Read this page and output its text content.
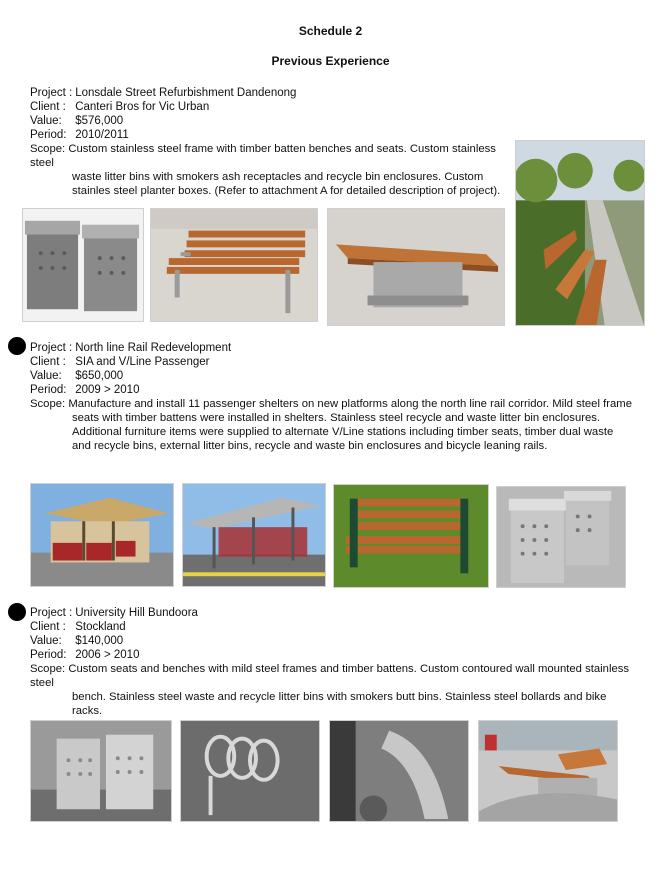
Schedule 2
Previous Experience
Project : Lonsdale Street Refurbishment Dandenong
Client : Canteri Bros for Vic Urban
Value: $576,000
Period: 2010/2011
Scope: Custom stainless steel frame with timber batten benches and seats. Custom stainless steel
waste litter bins with smokers ash receptacles and recycle bin enclosures. Custom stainles steel planter boxes. (Refer to attachment A for detailed description of project).
Project : North line Rail Redevelopment
Client : SIA and V/Line Passenger
Value: $650,000
Period: 2009 > 2010
Scope: Manufacture and install 11 passenger shelters on new platforms along the north line rail corridor. Mild steel frame
seats with timber battens were installed in shelters. Stainless steel recycle and waste litter bin enclosures. Additional furniture items were supplied to alternate V/Line stations including timber seats, timber dual waste and recycle bins, external litter bins, recycle and waste bin enclosures and bicycle leaning rails.
Project : University Hill Bundoora
Client : Stockland
Value: $140,000
Period: 2006 > 2010
Scope: Custom seats and benches with mild steel frames and timber battens. Custom contoured wall mounted stainless steel
bench. Stainless steel waste and recycle litter bins with smokers butt bins. Stainless steel bollards and bike racks.
